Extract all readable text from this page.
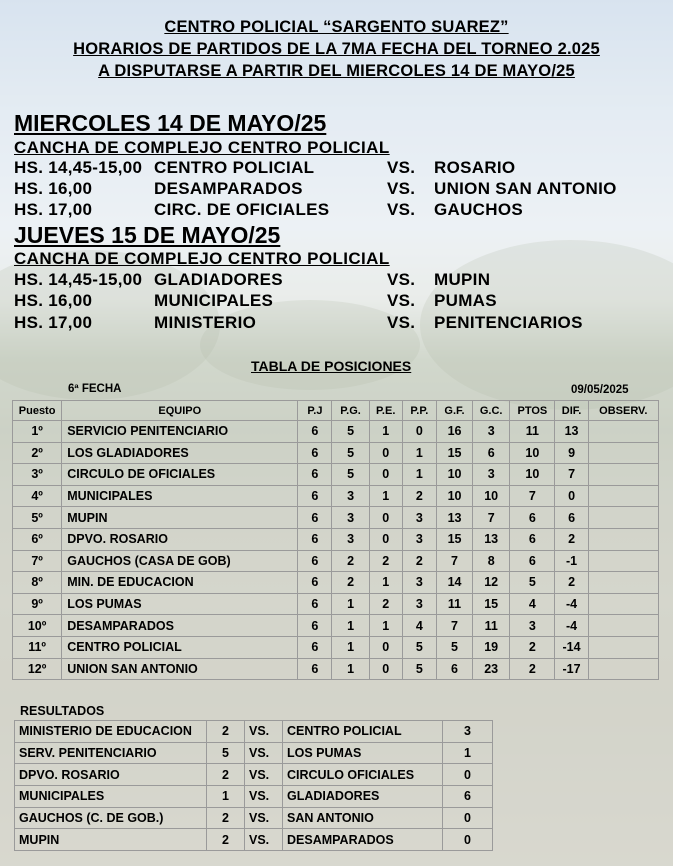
CENTRO POLICIAL “SARGENTO SUAREZ”
HORARIOS DE PARTIDOS DE LA 7MA FECHA DEL TORNEO 2.025
A DISPUTARSE A PARTIR DEL MIERCOLES 14 DE MAYO/25
MIERCOLES 14 DE MAYO/25
CANCHA DE COMPLEJO CENTRO POLICIAL
HS. 14,45-15,00 CENTRO POLICIAL	VS. ROSARIO
HS. 16,00	DESAMPARADOS	VS. UNION SAN ANTONIO
HS. 17,00	CIRC. DE OFICIALES	VS. GAUCHOS
JUEVES 15 DE MAYO/25
CANCHA DE COMPLEJO CENTRO POLICIAL
HS. 14,45-15,00 GLADIADORES	VS. MUPIN
HS. 16,00	MUNICIPALES	VS. PUMAS
HS. 17,00	MINISTERIO	VS. PENITENCIARIOS
TABLA DE POSICIONES
6ª FECHA	09/05/2025
Puesto	EQUIPO	P.J	P.G.	P.E.	P.P.	G.F.	G.C.	PTOS	DIF.	OBSERV.
1º	SERVICIO PENITENCIARIO	6	5	1	0	16	3	11	13	
2º	LOS GLADIADORES	6	5	0	1	15	6	10	9	
3º	CIRCULO DE OFICIALES	6	5	0	1	10	3	10	7	
4º	MUNICIPALES	6	3	1	2	10	10	7	0	
5º	MUPIN	6	3	0	3	13	7	6	6	
6º	DPVO. ROSARIO	6	3	0	3	15	13	6	2	
7º	GAUCHOS (CASA DE GOB)	6	2	2	2	7	8	6	-1	
8º	MIN. DE EDUCACION	6	2	1	3	14	12	5	2	
9º	LOS PUMAS	6	1	2	3	11	15	4	-4	
10º	DESAMPARADOS	6	1	1	4	7	11	3	-4	
11º	CENTRO POLICIAL	6	1	0	5	5	19	2	-14	
12º	UNION SAN ANTONIO	6	1	0	5	6	23	2	-17	
RESULTADOS
MINISTERIO DE EDUCACION	2	VS.	CENTRO POLICIAL	3
SERV. PENITENCIARIO	5	VS.	LOS PUMAS	1
DPVO. ROSARIO	2	VS.	CIRCULO OFICIALES	0
MUNICIPALES	1	VS.	GLADIADORES	6
GAUCHOS (C. DE GOB.)	2	VS.	SAN ANTONIO	0
MUPIN	2	VS.	DESAMPARADOS	0
